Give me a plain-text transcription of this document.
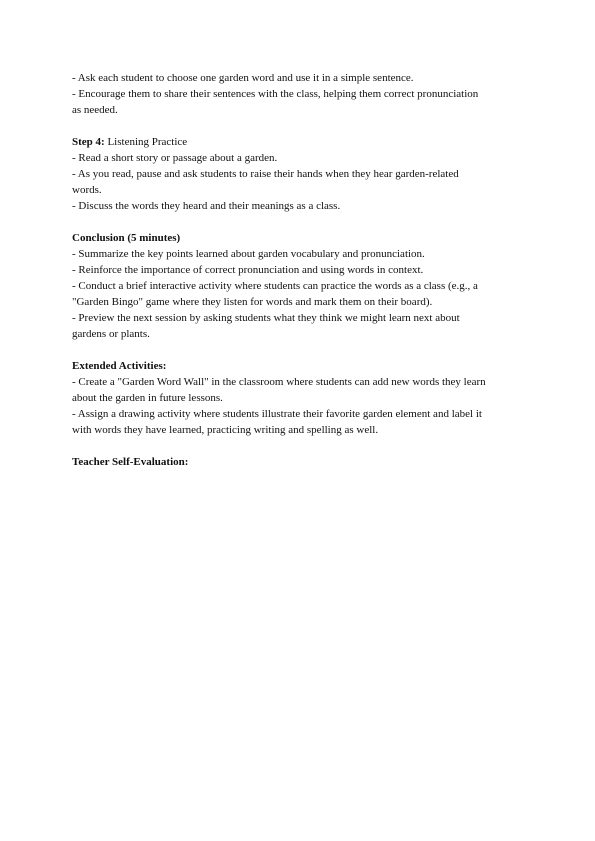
- Ask each student to choose one garden word and use it in a simple sentence.
- Encourage them to share their sentences with the class, helping them correct pronunciation
as needed.
Step 4: Listening Practice
- Read a short story or passage about a garden.
- As you read, pause and ask students to raise their hands when they hear garden-related
words.
- Discuss the words they heard and their meanings as a class.
Conclusion (5 minutes)
- Summarize the key points learned about garden vocabulary and pronunciation.
- Reinforce the importance of correct pronunciation and using words in context.
- Conduct a brief interactive activity where students can practice the words as a class (e.g., a
"Garden Bingo" game where they listen for words and mark them on their board).
- Preview the next session by asking students what they think we might learn next about
gardens or plants.
Extended Activities:
- Create a "Garden Word Wall" in the classroom where students can add new words they learn
about the garden in future lessons.
- Assign a drawing activity where students illustrate their favorite garden element and label it
with words they have learned, practicing writing and spelling as well.
Teacher Self-Evaluation:
